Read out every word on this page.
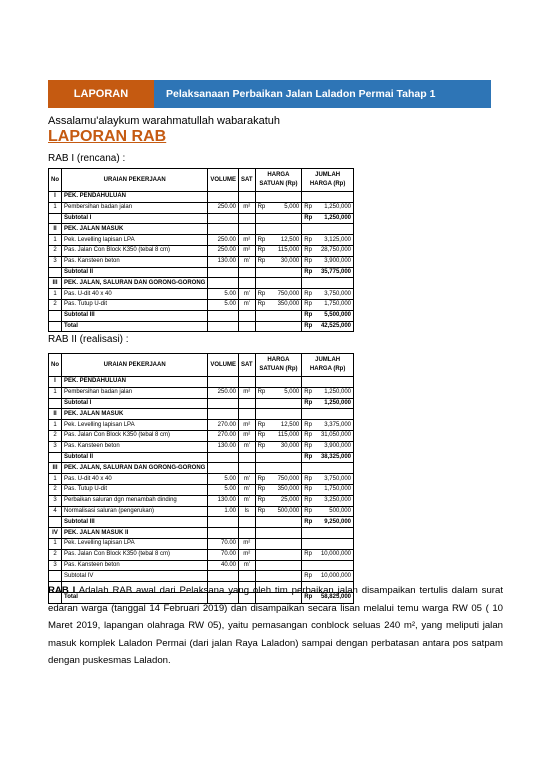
LAPORAN	Pelaksanaan Perbaikan Jalan Laladon Permai Tahap 1
Assalamu'alaykum warahmatullah wabarakatuh
LAPORAN RAB
RAB I (rencana) :
No	URAIAN PEKERJAAN	VOLUME	SAT	HARGA SATUAN (Rp)		JUMLAH HARGA (Rp)	
I	PEK. PENDAHULUAN						
1	Pembersihan badan jalan	250.00	m²	Rp	5,000	Rp	1,250,000
	Subtotal I					Rp	1,250,000
II	PEK. JALAN MASUK						
1	Pek. Levelling lapisan LPA	250.00	m²	Rp	12,500	Rp	3,125,000
2	Pas. Jalan Con Block K350 (tebal 8 cm)	250.00	m²	Rp	115,000	Rp	28,750,000
3	Pas. Kansteen beton	130.00	m'	Rp	30,000	Rp	3,900,000
	Subtotal II					Rp	35,775,000
III	PEK. JALAN, SALURAN DAN GORONG-GORONG						
1	Pas. U-dit 40 x 40	5.00	m'	Rp	750,000	Rp	3,750,000
2	Pas. Tutup U-dit	5.00	m'	Rp	350,000	Rp	1,750,000
	Subtotal III					Rp	5,500,000
	Total					Rp	42,525,000
RAB II (realisasi) :
No	URAIAN PEKERJAAN	VOLUME	SAT	HARGA SATUAN (Rp)		JUMLAH HARGA (Rp)	
I	PEK. PENDAHULUAN						
1	Pembersihan badan jalan	250.00	m²	Rp	5,000	Rp	1,250,000
	Subtotal I					Rp	1,250,000
II	PEK. JALAN MASUK						
1	Pek. Levelling lapisan LPA	270.00	m²	Rp	12,500	Rp	3,375,000
2	Pas. Jalan Con Block K350 (tebal 8 cm)	270.00	m²	Rp	115,000	Rp	31,050,000
3	Pas. Kansteen beton	130.00	m'	Rp	30,000	Rp	3,900,000
	Subtotal II					Rp	38,325,000
III	PEK. JALAN, SALURAN DAN GORONG-GORONG						
1	Pas. U-dit 40 x 40	5.00	m'	Rp	750,000	Rp	3,750,000
2	Pas. Tutup U-dit	5.00	m'	Rp	350,000	Rp	1,750,000
3	Perbaikan saluran dgn menambah dinding	130.00	m'	Rp	25,000	Rp	3,250,000
4	Normalisasi saluran (pengerukan)	1.00	ls	Rp	500,000	Rp	500,000
	Subtotal III					Rp	9,250,000
IV	PEK. JALAN MASUK II						
1	Pek. Levelling lapisan LPA	70.00	m²				
2	Pas. Jalan Con Block K350 (tebal 8 cm)	70.00	m²			Rp	10,000,000
3	Pas. Kansteen beton	40.00	m'				
	Subtotal IV					Rp	10,000,000

	Total					Rp	58,825,000
RAB I Adalah RAB awal dari Pelaksana yang oleh tim perbaikan jalan disampaikan tertulis dalam surat edaran warga (tanggal 14 Februari 2019) dan disampaikan secara lisan melalui temu warga RW 05 ( 10 Maret 2019, lapangan olahraga RW 05), yaitu pemasangan conblock seluas 240 m², yang meliputi jalan masuk komplek Laladon Permai (dari jalan Raya Laladon) sampai dengan perbatasan antara pos satpam dengan puskesmas Laladon.
